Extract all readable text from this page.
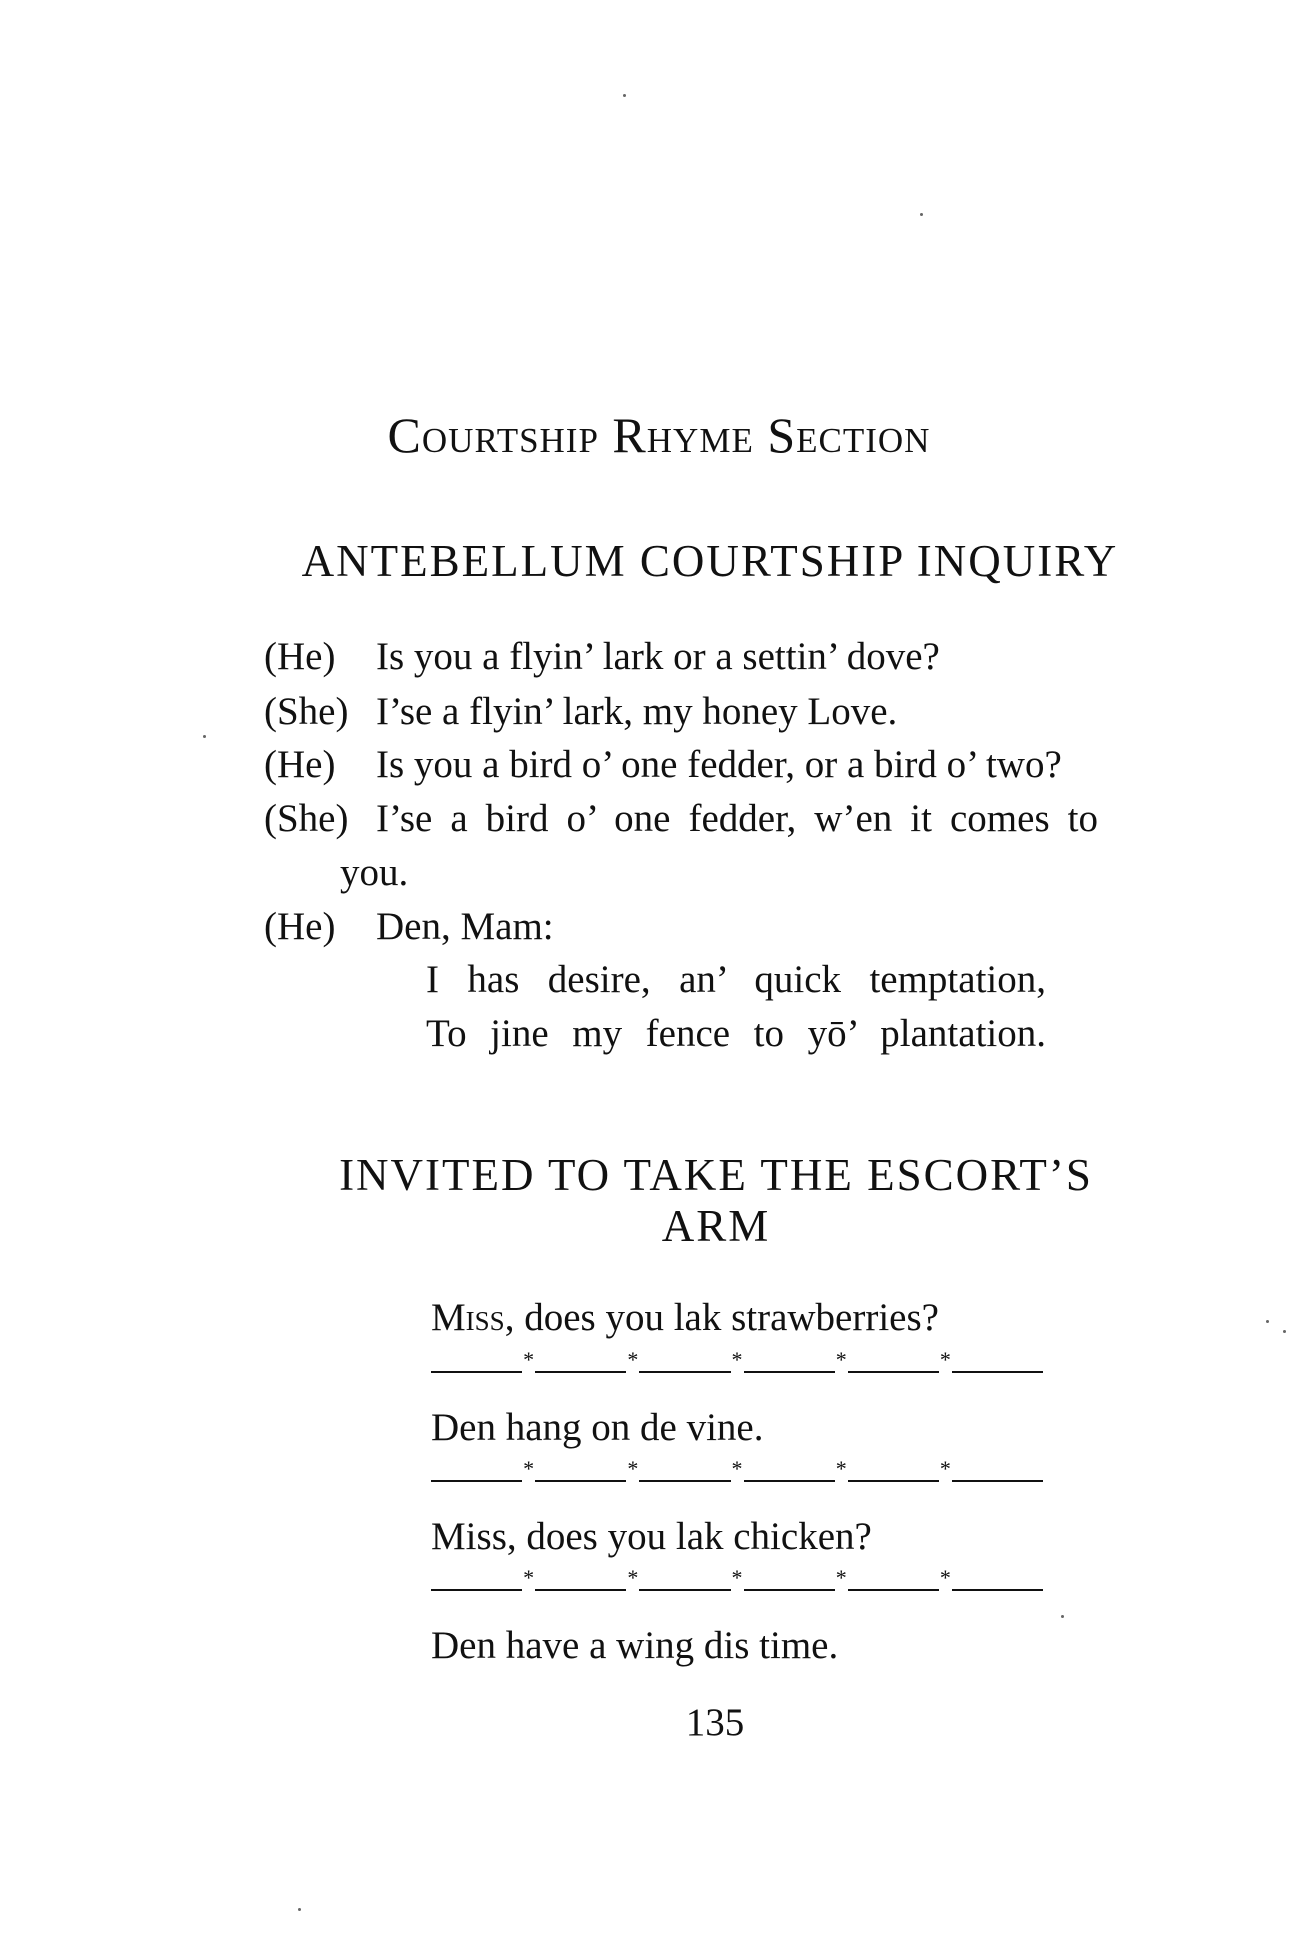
Courtship Rhyme Section
ANTEBELLUM COURTSHIP INQUIRY
(He)	Is you a flyin’ lark or a settin’ dove?
(She) I’se a flyin’ lark, my honey Love.
(He)	Is you a bird o’ one fedder, or a bird o’ two?
(She) I’se a bird o’ one fedder, w’en it comes to
you.
(He)	Den, Mam:
I has desire, an’ quick temptation,
To jine my fence to yō’ plantation.
INVITED TO TAKE THE ESCORT’S ARM
Miss, does you lak strawberries?
*	*	*	*	*
Den hang on de vine.
*	*	*	*	*
Miss, does you lak chicken?
*	*	*	*	*
Den have a wing dis time.
135
